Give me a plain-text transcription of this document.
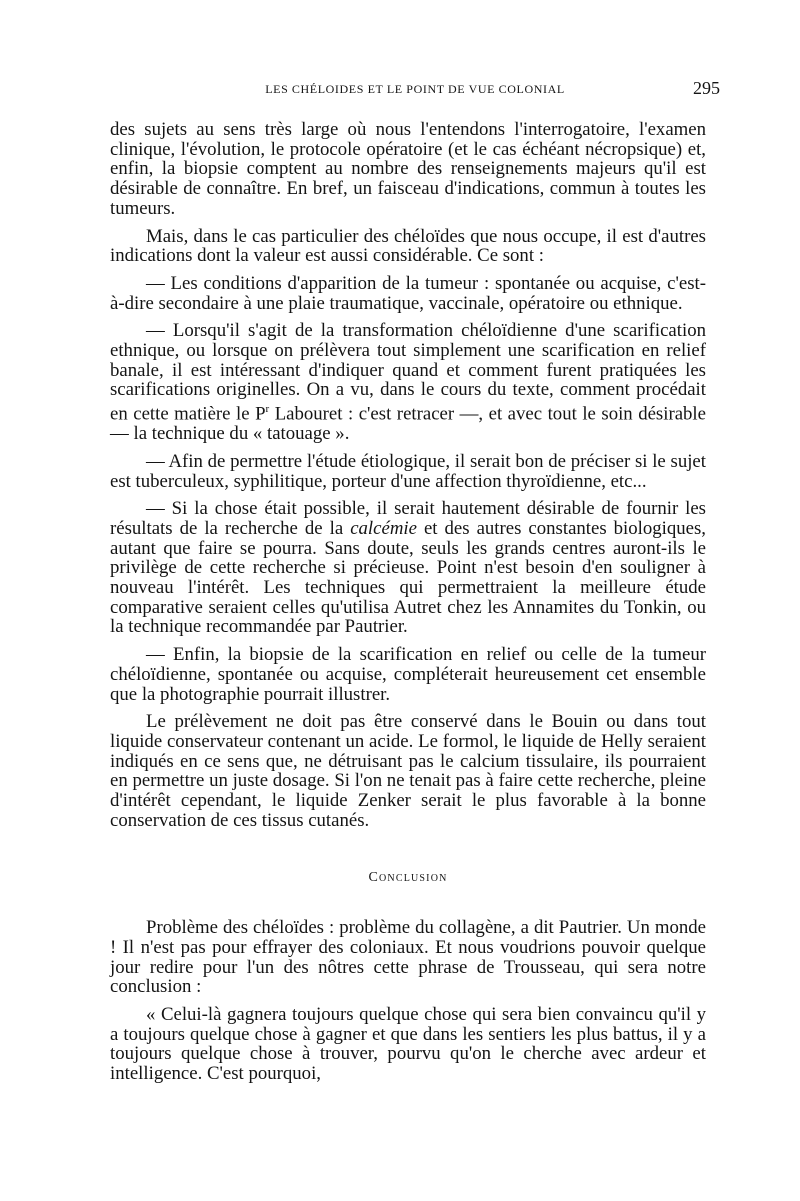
LES CHÉLOIDES ET LE POINT DE VUE COLONIAL	295

des sujets au sens très large où nous l'entendons l'interrogatoire, l'examen clinique, l'évolution, le protocole opératoire (et le cas échéant nécropsique) et, enfin, la biopsie comptent au nombre des renseignements majeurs qu'il est désirable de connaître. En bref, un faisceau d'indications, commun à toutes les tumeurs.

Mais, dans le cas particulier des chéloïdes que nous occupe, il est d'autres indications dont la valeur est aussi considérable. Ce sont :

— Les conditions d'apparition de la tumeur : spontanée ou acquise, c'est-à-dire secondaire à une plaie traumatique, vaccinale, opératoire ou ethnique.

— Lorsqu'il s'agit de la transformation chéloïdienne d'une scarification ethnique, ou lorsque on prélèvera tout simplement une scarification en relief banale, il est intéressant d'indiquer quand et comment furent pratiquées les scarifications originelles. On a vu, dans le cours du texte, comment procédait en cette matière le $P^r$ Labouret : c'est retracer —, et avec tout le soin désirable — la technique du « tatouage ».

— Afin de permettre l'étude étiologique, il serait bon de préciser si le sujet est tuberculeux, syphilitique, porteur d'une affection thyroïdienne, etc...

— Si la chose était possible, il serait hautement désirable de fournir les résultats de la recherche de la calcémie et des autres constantes biologiques, autant que faire se pourra. Sans doute, seuls les grands centres auront-ils le privilège de cette recherche si précieuse. Point n'est besoin d'en souligner à nouveau l'intérêt. Les techniques qui permettraient la meilleure étude comparative seraient celles qu'utilisa Autret chez les Annamites du Tonkin, ou la technique recommandée par Pautrier.

— Enfin, la biopsie de la scarification en relief ou celle de la tumeur chéloïdienne, spontanée ou acquise, compléterait heureusement cet ensemble que la photographie pourrait illustrer.

Le prélèvement ne doit pas être conservé dans le Bouin ou dans tout liquide conservateur contenant un acide. Le formol, le liquide de Helly seraient indiqués en ce sens que, ne détruisant pas le calcium tissulaire, ils pourraient en permettre un juste dosage. Si l'on ne tenait pas à faire cette recherche, pleine d'intérêt cependant, le liquide Zenker serait le plus favorable à la bonne conservation de ces tissus cutanés.

Conclusion

Problème des chéloïdes : problème du collagène, a dit Pautrier. Un monde ! Il n'est pas pour effrayer des coloniaux. Et nous voudrions pouvoir quelque jour redire pour l'un des nôtres cette phrase de Trousseau, qui sera notre conclusion :

« Celui-là gagnera toujours quelque chose qui sera bien convaincu qu'il y a toujours quelque chose à gagner et que dans les sentiers les plus battus, il y a toujours quelque chose à trouver, pourvu qu'on le cherche avec ardeur et intelligence. C'est pourquoi,
